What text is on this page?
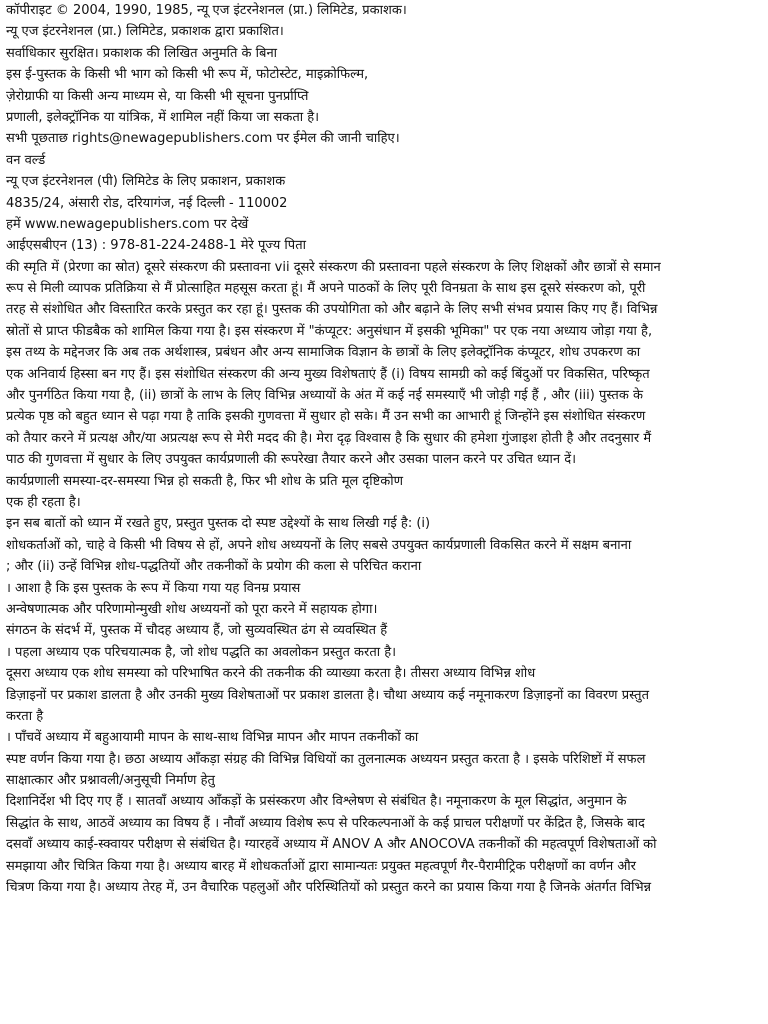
कॉपीराइट © 2004, 1990, 1985, न्यू एज इंटरनेशनल (प्रा.) लिमिटेड, प्रकाशक।
न्यू एज इंटरनेशनल (प्रा.) लिमिटेड, प्रकाशक द्वारा प्रकाशित।
सर्वाधिकार सुरक्षित। प्रकाशक की लिखित अनुमति के बिना
इस ई-पुस्तक के किसी भी भाग को किसी भी रूप में, फोटोस्टेट, माइक्रोफिल्म,
ज़ेरोग्राफी या किसी अन्य माध्यम से, या किसी भी सूचना पुनर्प्राप्ति
प्रणाली, इलेक्ट्रॉनिक या यांत्रिक, में शामिल नहीं किया जा सकता है।
सभी पूछताछ rights@newagepublishers.com पर ईमेल की जानी चाहिए।
वन वर्ल्ड
न्यू एज इंटरनेशनल (पी) लिमिटेड के लिए प्रकाशन, प्रकाशक
4835/24, अंसारी रोड, दरियागंज, नई दिल्ली - 110002
हमें www.newagepublishers.com पर देखें
आईएसबीएन (13) : 978-81-224-2488-1 मेरे पूज्य पिता
की स्मृति में (प्रेरणा का स्रोत) दूसरे संस्करण की प्रस्तावना vii दूसरे संस्करण की प्रस्तावना पहले संस्करण के लिए शिक्षकों और छात्रों से समान
रूप से मिली व्यापक प्रतिक्रिया से मैं प्रोत्साहित महसूस करता हूं। मैं अपने पाठकों के लिए पूरी विनम्रता के साथ इस दूसरे संस्करण को, पूरी
तरह से संशोधित और विस्तारित करके प्रस्तुत कर रहा हूं। पुस्तक की उपयोगिता को और बढ़ाने के लिए सभी संभव प्रयास किए गए हैं। विभिन्न
स्रोतों से प्राप्त फीडबैक को शामिल किया गया है। इस संस्करण में "कंप्यूटर: अनुसंधान में इसकी भूमिका" पर एक नया अध्याय जोड़ा गया है,
इस तथ्य के मद्देनजर कि अब तक अर्थशास्त्र, प्रबंधन और अन्य सामाजिक विज्ञान के छात्रों के लिए इलेक्ट्रॉनिक कंप्यूटर, शोध उपकरण का
एक अनिवार्य हिस्सा बन गए हैं। इस संशोधित संस्करण की अन्य मुख्य विशेषताएं हैं (i) विषय सामग्री को कई बिंदुओं पर विकसित, परिष्कृत
और पुनर्गठित किया गया है, (ii) छात्रों के लाभ के लिए विभिन्न अध्यायों के अंत में कई नई समस्याएँ भी जोड़ी गई हैं , और (iii) पुस्तक के
प्रत्येक पृष्ठ को बहुत ध्यान से पढ़ा गया है ताकि इसकी गुणवत्ता में सुधार हो सके। मैं उन सभी का आभारी हूं जिन्होंने इस संशोधित संस्करण
को तैयार करने में प्रत्यक्ष और/या अप्रत्यक्ष रूप से मेरी मदद की है। मेरा दृढ़ विश्वास है कि सुधार की हमेशा गुंजाइश होती है और तदनुसार मैं
पाठ की गुणवत्ता में सुधार के लिए उपयुक्त कार्यप्रणाली की रूपरेखा तैयार करने और उसका पालन करने पर उचित ध्यान दें।
कार्यप्रणाली समस्या-दर-समस्या भिन्न हो सकती है, फिर भी शोध के प्रति मूल दृष्टिकोण
एक ही रहता है।
इन सब बातों को ध्यान में रखते हुए, प्रस्तुत पुस्तक दो स्पष्ट उद्देश्यों के साथ लिखी गई है: (i)
शोधकर्ताओं को, चाहे वे किसी भी विषय से हों, अपने शोध अध्ययनों के लिए सबसे उपयुक्त कार्यप्रणाली विकसित करने में सक्षम बनाना
; और (ii) उन्हें विभिन्न शोध-पद्धतियों और तकनीकों के प्रयोग की कला से परिचित कराना
। आशा है कि इस पुस्तक के रूप में किया गया यह विनम्र प्रयास
अन्वेषणात्मक और परिणामोन्मुखी शोध अध्ययनों को पूरा करने में सहायक होगा।
संगठन के संदर्भ में, पुस्तक में चौदह अध्याय हैं, जो सुव्यवस्थित ढंग से व्यवस्थित हैं
। पहला अध्याय एक परिचयात्मक है, जो शोध पद्धति का अवलोकन प्रस्तुत करता है।
दूसरा अध्याय एक शोध समस्या को परिभाषित करने की तकनीक की व्याख्या करता है। तीसरा अध्याय विभिन्न शोध
डिज़ाइनों पर प्रकाश डालता है और उनकी मुख्य विशेषताओं पर प्रकाश डालता है। चौथा अध्याय कई नमूनाकरण डिज़ाइनों का विवरण प्रस्तुत
करता है
। पाँचवें अध्याय में बहुआयामी मापन के साथ-साथ विभिन्न मापन और मापन तकनीकों का
स्पष्ट वर्णन किया गया है। छठा अध्याय आँकड़ा संग्रह की विभिन्न विधियों का तुलनात्मक अध्ययन प्रस्तुत करता है । इसके परिशिष्टों में सफल
साक्षात्कार और प्रश्नावली/अनुसूची निर्माण हेतु
दिशानिर्देश भी दिए गए हैं । सातवाँ अध्याय आँकड़ों के प्रसंस्करण और विश्लेषण से संबंधित है। नमूनाकरण के मूल सिद्धांत, अनुमान के
सिद्धांत के साथ, आठवें अध्याय का विषय हैं । नौवाँ अध्याय विशेष रूप से परिकल्पनाओं के कई प्राचल परीक्षणों पर केंद्रित है, जिसके बाद
दसवाँ अध्याय काई-स्क्वायर परीक्षण से संबंधित है। ग्यारहवें अध्याय में ANOV A और ANOCOVA तकनीकों की महत्वपूर्ण विशेषताओं को
समझाया और चित्रित किया गया है। अध्याय बारह में शोधकर्ताओं द्वारा सामान्यतः प्रयुक्त महत्वपूर्ण गैर-पैरामीट्रिक परीक्षणों का वर्णन और
चित्रण किया गया है। अध्याय तेरह में, उन वैचारिक पहलुओं और परिस्थितियों को प्रस्तुत करने का प्रयास किया गया है जिनके अंतर्गत विभिन्न
